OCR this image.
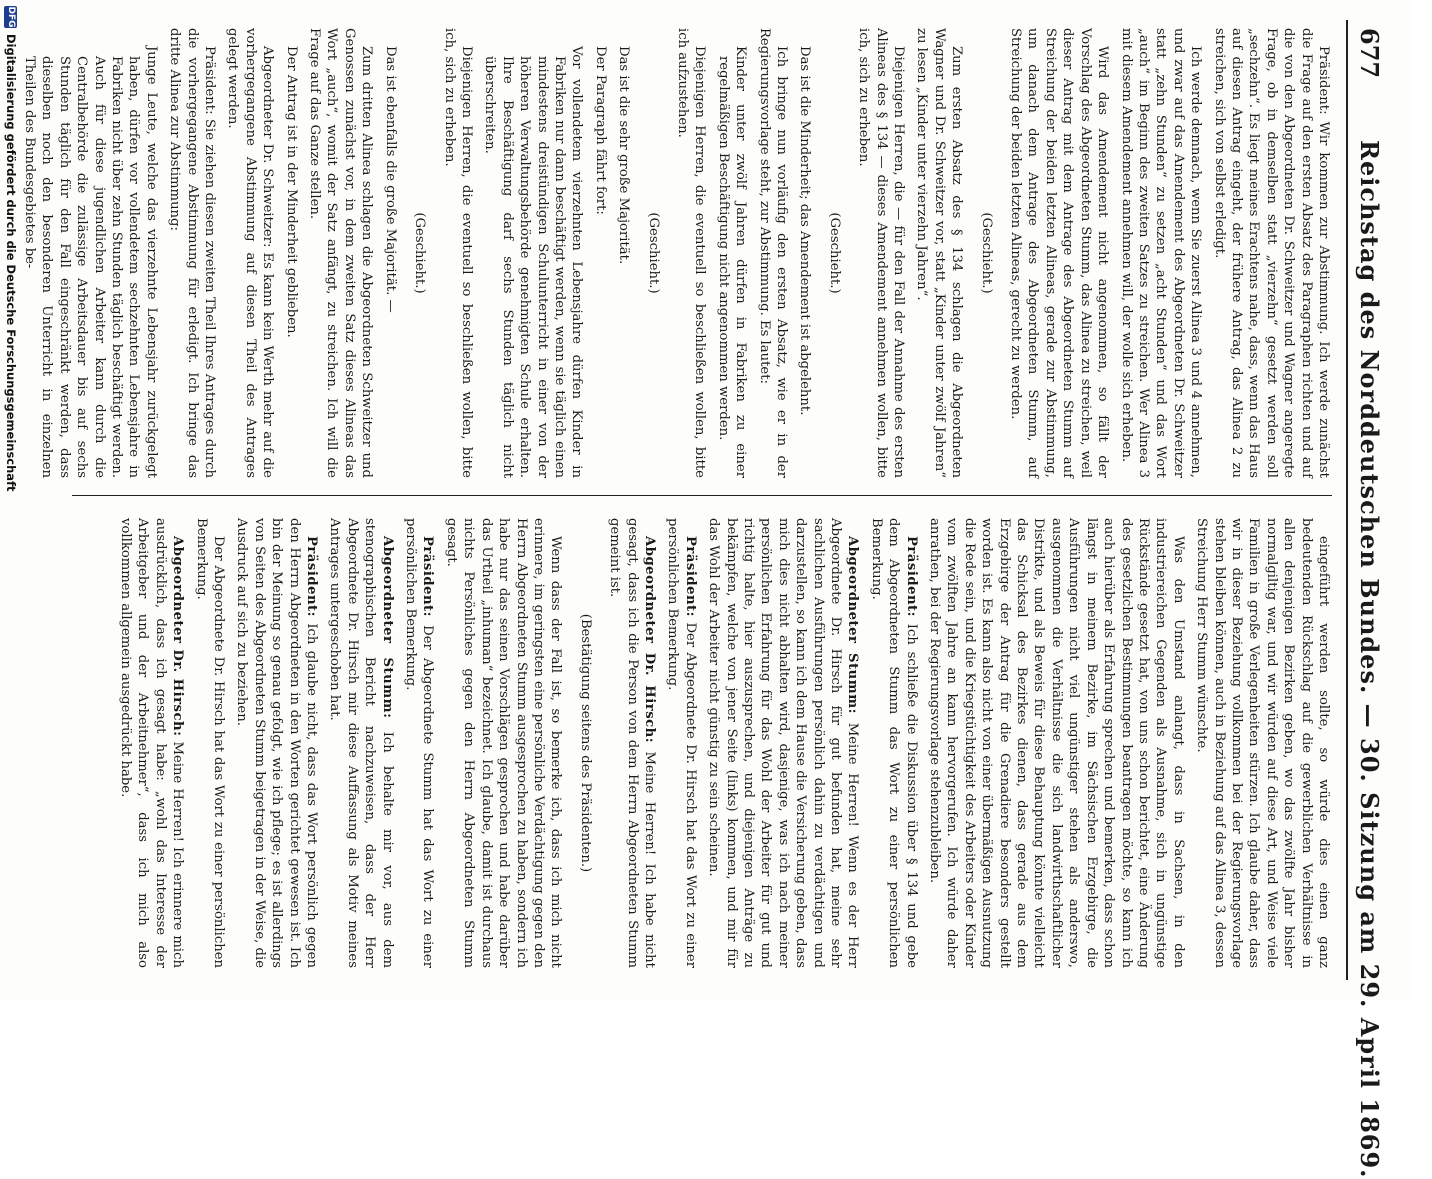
677
Reichstag des Norddeutschen Bundes. — 30. Sitzung am 29. April 1869.

Präsident: Wir kommen zur Abstimmung. Ich werde zunächst die Frage auf den ersten Absatz des Paragraphen richten und auf die von den Abgeordneten Dr. Schweitzer und Wagner angeregte Frage, ob in demselben statt „vierzehn“ gesetzt werden soll „sechzehn“. Es liegt meines Erachtens nahe, dass, wenn das Haus auf diesen Antrag eingeht, der frühere Antrag, das Alinea 2 zu streichen, sich von selbst erledigt.

Ich werde demnach, wenn Sie zuerst Alinea 3 und 4 annehmen, und zwar auf das Amendement des Abgeordneten Dr. Schweitzer statt „zehn Stunden“ zu setzen „acht Stunden“ und das Wort „auch“ im Beginn des zweiten Satzes zu streichen. Wer Alinea 3 mit diesem Amendement annehmen will, der wolle sich erheben.

Wird das Amendement nicht angenommen, so fällt der Vorschlag des Abgeordneten Stumm, das Alinea zu streichen, weil dieser Antrag mit dem Antrage des Abgeordneten Stumm auf Streichung der beiden letzten Alineas, gerade zur Abstimmung, um danach dem Antrage des Abgeordneten Stumm, auf Streichung der beiden letzten Alineas, gerecht zu werden.

(Geschieht.)

Zum ersten Absatz des § 134 schlagen die Abgeordneten Wagner und Dr. Schweitzer vor, statt „Kinder unter zwölf Jahren“ zu lesen „Kinder unter vierzehn Jahren“.

Diejenigen Herren, die — für den Fall der Annahme des ersten Alineas des § 134 — dieses Amendement annehmen wollen, bitte ich, sich zu erheben.

(Geschieht.)

Das ist die Minderheit; das Amendement ist abgelehnt.

Ich bringe nun vorläufig den ersten Absatz, wie er in der Regierungsvorlage steht, zur Abstimmung. Es lautet:

Kinder unter zwölf Jahren dürfen in Fabriken zu einer regelmäßigen Beschäftigung nicht angenommen werden.

Diejenigen Herren, die eventuell so beschließen wollen, bitte ich aufzustehen.

(Geschieht.)

Das ist die sehr große Majorität.

Der Paragraph fährt fort:

Vor vollendetem vierzehnten Lebensjahre dürfen Kinder in Fabriken nur dann beschäftigt werden, wenn sie täglich einen mindestens dreistündigen Schulunterricht in einer von der höheren Verwaltungsbehörde genehmigten Schule erhalten. Ihre Beschäftigung darf sechs Stunden täglich nicht überschreiten.

Diejenigen Herren, die eventuell so beschließen wollen, bitte ich, sich zu erheben.

(Geschieht.)

Das ist ebenfalls die große Majorität. —

Zum dritten Alinea schlagen die Abgeordneten Schweitzer und Genossen zunächst vor, in dem zweiten Satz dieses Alineas das Wort „auch“, womit der Satz anfängt, zu streichen. Ich will die Frage auf das Ganze stellen.

Der Antrag ist in der Minderheit geblieben.

Abgeordneter Dr. Schweitzer: Es kann kein Werth mehr auf die vorhergegangene Abstimmung auf diesen Theil des Antrages gelegt werden.

Präsident: Sie ziehen diesen zweiten Theil Ihres Antrages durch die vorhergegangene Abstimmung für erledigt. Ich bringe das dritte Alinea zur Abstimmung:

Junge Leute, welche das vierzehnte Lebensjahr zurückgelegt haben, dürfen vor vollendetem sechzehnten Lebensjahre in Fabriken nicht über zehn Stunden täglich beschäftigt werden. Auch für diese jugendlichen Arbeiter kann durch die Centralbehörde die zulässige Arbeitsdauer bis auf sechs Stunden täglich für den Fall eingeschränkt werden, dass dieselben noch den besonderen Unterricht in einzelnen Theilen des Bundesgebietes be-

eingeführt werden sollte, so würde dies einen ganz bedeutenden Rückschlag auf die gewerblichen Verhältnisse in allen denjenigen Bezirken geben, wo das zwölfte Jahr bisher normalgiltig war, und wir würden auf diese Art, und Weise viele Familien in große Verlegenheiten stürzen. Ich glaube daher, dass wir in dieser Beziehung vollkommen bei der Regierungsvorlage stehen bleiben können, auch in Beziehung auf das Alinea 3, dessen Streichung Herr Stumm wünschte.

Was den Umstand anlangt, dass in Sachsen, in den industriereichen Gegenden als Ausnahme, sich in ungünstige Rückstände gesetzt hat, von uns schon berichtet, eine Änderung des gesetzlichen Bestimmungen beantragen möchte, so kann ich auch hierüber als Erfahrung sprechen und bemerken, dass schon längst in meinem Bezirke, im Sächsischen Erzgebirge, die Ausführungen nicht viel ungünstiger stehen als anderswo, ausgenommen die Verhältnisse die sich landwirthschaftlicher Distrikte, und als Beweis für diese Behauptung könnte vielleicht das Schicksal des Bezirkes dienen, dass gerade aus dem Erzgebirge der Antrag für die Grenadiere besonders gestellt worden ist. Es kann also nicht von einer übermäßigen Ausnutzung die Rede sein, und die Kriegstüchtigkeit des Arbeiters oder Kinder vom zwölften Jahre an kann hervorgerufen. Ich würde daher anrathen, bei der Regierungsvorlage stehenzubleiben.

Präsident: Ich schließe die Diskussion über § 134 und gebe dem Abgeordneten Stumm das Wort zu einer persönlichen Bemerkung.

Abgeordneter Stumm: Meine Herren! Wenn es der Herr Abgeordnete Dr. Hirsch für gut befunden hat, meine sehr sachlichen Ausführungen persönlich dahin zu verdächtigen und darzustellen, so kann ich dem Hause die Versicherung geben, dass mich dies nicht abhalten wird, dasjenige, was ich nach meiner persönlichen Erfahrung für das Wohl der Arbeiter für gut und richtig halte, hier auszusprechen, und diejenigen Anträge zu bekämpfen, welche von jener Seite (links) kommen, und mir für das Wohl der Arbeiter nicht günstig zu sein scheinen.

Präsident: Der Abgeordnete Dr. Hirsch hat das Wort zu einer persönlichen Bemerkung.

Abgeordneter Dr. Hirsch: Meine Herren! Ich habe nicht gesagt, dass ich die Person von dem Herrn Abgeordneten Stumm gemeint ist.

(Bestätigung seitens des Präsidenten.)

Wenn dass der Fall ist, so bemerke ich, dass ich mich nicht erinnere, im geringsten eine persönliche Verdächtigung gegen den Herrn Abgeordneten Stumm ausgesprochen zu haben, sondern ich habe nur das seinen Vorschlägen gesprochen und habe darüber das Urtheil „inhuman“ bezeichnet. Ich glaube, damit ist durchaus nichts Persönliches gegen den Herrn Abgeordneten Stumm gesagt.

Präsident: Der Abgeordnete Stumm hat das Wort zu einer persönlichen Bemerkung.

Abgeordneter Stumm: Ich behalte mir vor, aus dem stenographischen Bericht nachzuweisen, dass der Herr Abgeordnete Dr. Hirsch mir diese Auffassung als Motiv meines Antrages untergeschoben hat.

Präsident: Ich glaube nicht, dass das Wort persönlich gegen den Herrn Abgeordneten in den Worten gerichtet gewesen ist. Ich bin der Meinung so genau gefolgt, wie ich pflege; es ist allerdings von Seiten des Abgeordneten Stumm beigetragen in der Weise, die Ausdruck auf sich zu beziehen.

Der Abgeordnete Dr. Hirsch hat das Wort zu einer persönlichen Bemerkung.

Abgeordneter Dr. Hirsch: Meine Herren! Ich erinnere mich ausdrücklich, dass ich gesagt habe: „wohl das Interesse der Arbeitgeber und der Arbeitnehmer“, dass ich mich also vollkommen allgemein ausgedrückt habe.

DFG
Digitalisierung gefördert durch die Deutsche Forschungsgemeinschaft
